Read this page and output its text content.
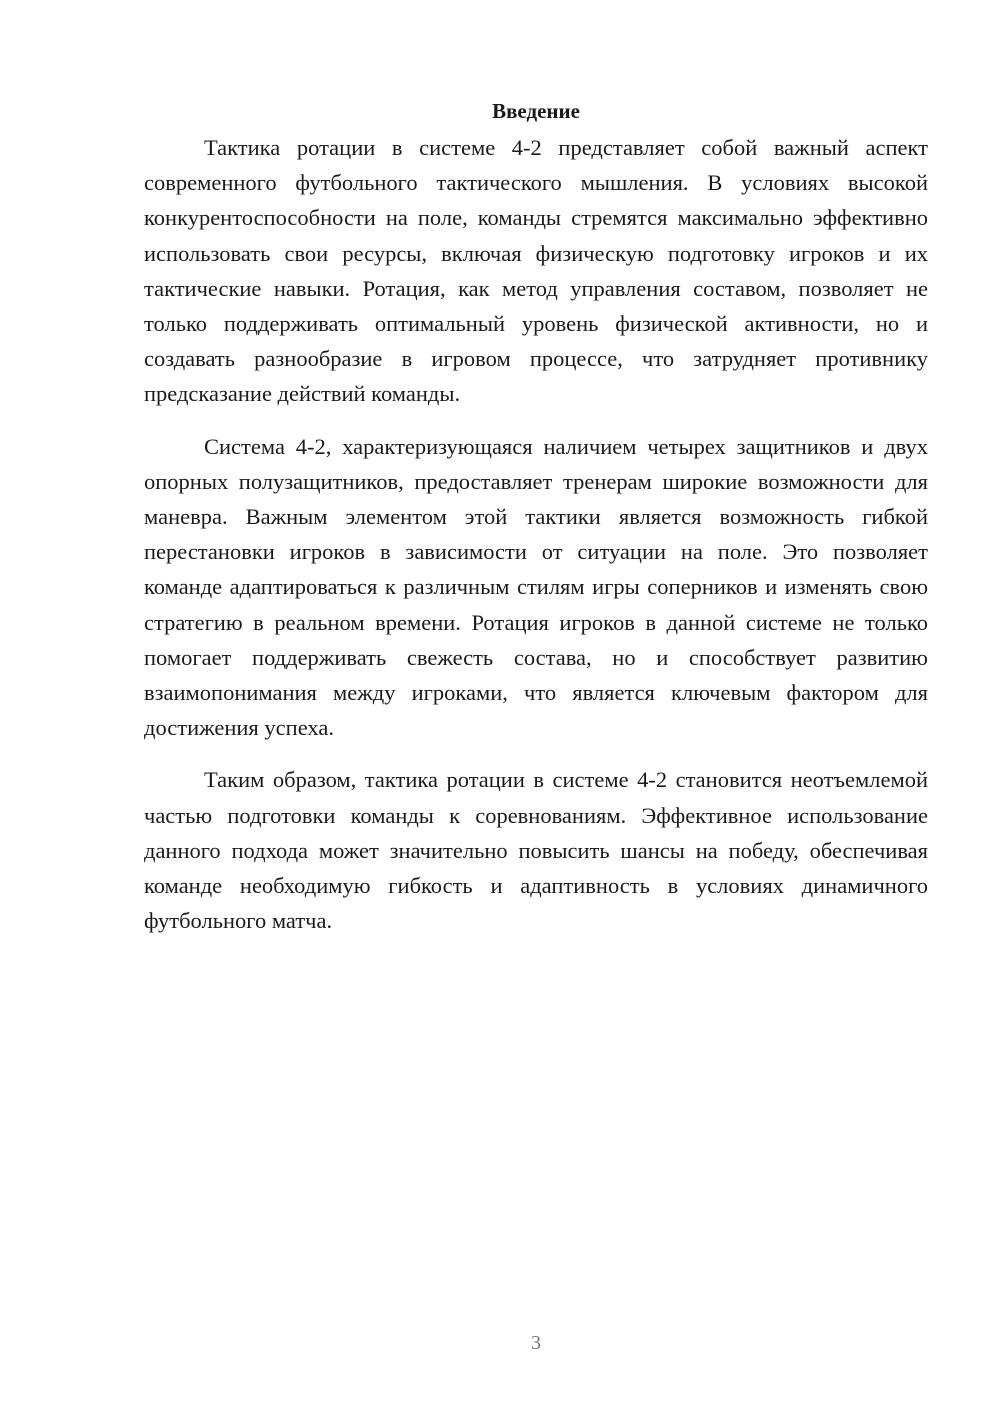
Введение

Тактика ротации в системе 4-2 представляет собой важный аспект современного футбольного тактического мышления. В условиях высокой конкурентоспособности на поле, команды стремятся максимально эффективно использовать свои ресурсы, включая физическую подготовку игроков и их тактические навыки. Ротация, как метод управления составом, позволяет не только поддерживать оптимальный уровень физической активности, но и создавать разнообразие в игровом процессе, что затрудняет противнику предсказание действий команды.

Система 4-2, характеризующаяся наличием четырех защитников и двух опорных полузащитников, предоставляет тренерам широкие возможности для маневра. Важным элементом этой тактики является возможность гибкой перестановки игроков в зависимости от ситуации на поле. Это позволяет команде адаптироваться к различным стилям игры соперников и изменять свою стратегию в реальном времени. Ротация игроков в данной системе не только помогает поддерживать свежесть состава, но и способствует развитию взаимопонимания между игроками, что является ключевым фактором для достижения успеха.

Таким образом, тактика ротации в системе 4-2 становится неотъемлемой частью подготовки команды к соревнованиям. Эффективное использование данного подхода может значительно повысить шансы на победу, обеспечивая команде необходимую гибкость и адаптивность в условиях динамичного футбольного матча.

3
